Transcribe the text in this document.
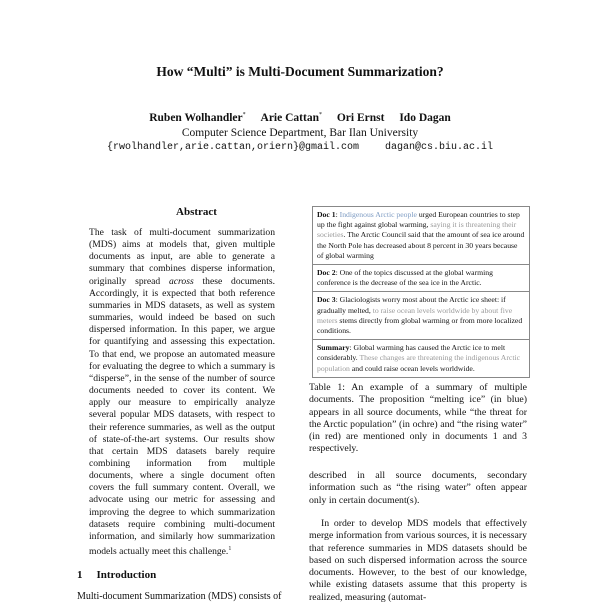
How “Multi” is Multi-Document Summarization?
Ruben Wolhandler* Arie Cattan* Ori Ernst Ido Dagan
Computer Science Department, Bar Ilan University
{rwolhandler,arie.cattan,oriern}@gmail.com	dagan@cs.biu.ac.il
Abstract
The task of multi-document summarization (MDS) aims at models that, given multiple documents as input, are able to generate a summary that combines disperse information, originally spread across these documents. Accordingly, it is expected that both reference summaries in MDS datasets, as well as system summaries, would indeed be based on such dispersed information. In this paper, we argue for quantifying and assessing this expectation. To that end, we propose an automated measure for evaluating the degree to which a summary is “disperse”, in the sense of the number of source documents needed to cover its content. We apply our measure to empirically analyze several popular MDS datasets, with respect to their reference summaries, as well as the output of state-of-the-art systems. Our results show that certain MDS datasets barely require combining information from multiple documents, where a single document often covers the full summary content. Overall, we advocate using our metric for assessing and improving the degree to which summarization datasets require combining multi-document information, and similarly how summarization models actually meet this challenge.$^1$
1 Introduction
Multi-document Summarization (MDS) consists of
Doc 1: Indigenous Arctic people urged European countries to step up the fight against global warming, saying it is threatening their societies. The Arctic Council said that the amount of sea ice around the North Pole has decreased about 8 percent in 30 years because of global warming
Doc 2: One of the topics discussed at the global warming conference is the decrease of the sea ice in the Arctic.
Doc 3: Glaciologists worry most about the Arctic ice sheet: if gradually melted, to raise ocean levels worldwide by about five meters stems directly from global warming or from more localized conditions.
Summary: Global warming has caused the Arctic ice to melt considerably. These changes are threatening the indigenous Arctic population and could raise ocean levels worldwide.
Table 1: An example of a summary of multiple documents. The proposition “melting ice” (in blue) appears in all source documents, while “the threat for the Arctic population” (in ochre) and “the rising water” (in red) are mentioned only in documents 1 and 3 respectively.
described in all source documents, secondary information such as “the rising water” often appear only in certain document(s).
In order to develop MDS models that effectively merge information from various sources, it is necessary that reference summaries in MDS datasets should be based on such dispersed information across the source documents. However, to the best of our knowledge, while existing datasets assume that this property is realized, measuring (automat-
